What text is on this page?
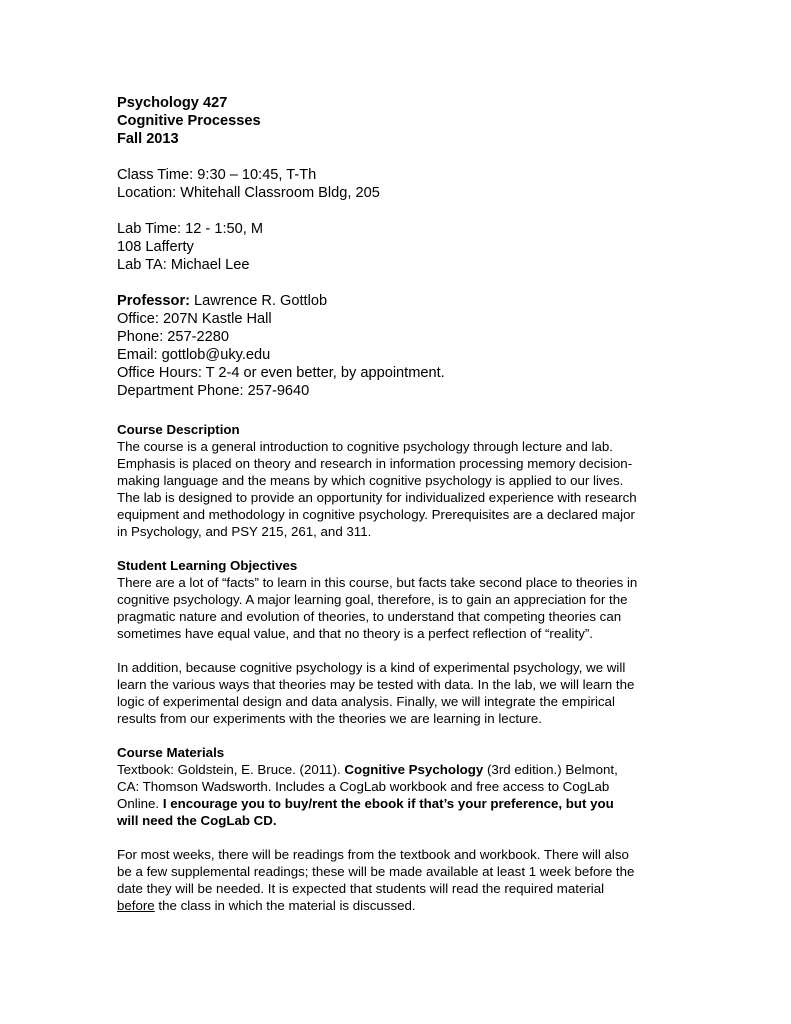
Psychology 427
Cognitive Processes
Fall 2013
Class Time: 9:30 – 10:45, T-Th
Location: Whitehall Classroom Bldg, 205
Lab Time: 12 - 1:50, M
108 Lafferty
Lab TA: Michael Lee
Professor: Lawrence R. Gottlob
Office: 207N Kastle Hall
Phone: 257-2280
Email: gottlob@uky.edu
Office Hours: T 2-4 or even better, by appointment.
Department Phone: 257-9640
Course Description
The course is a general introduction to cognitive psychology through lecture and lab.
Emphasis is placed on theory and research in information processing memory decision-
making language and the means by which cognitive psychology is applied to our lives.
The lab is designed to provide an opportunity for individualized experience with research
equipment and methodology in cognitive psychology. Prerequisites are a declared major
in Psychology, and PSY 215, 261, and 311.
Student Learning Objectives
There are a lot of “facts” to learn in this course, but facts take second place to theories in
cognitive psychology. A major learning goal, therefore, is to gain an appreciation for the
pragmatic nature and evolution of theories, to understand that competing theories can
sometimes have equal value, and that no theory is a perfect reflection of “reality”.
In addition, because cognitive psychology is a kind of experimental psychology, we will
learn the various ways that theories may be tested with data. In the lab, we will learn the
logic of experimental design and data analysis. Finally, we will integrate the empirical
results from our experiments with the theories we are learning in lecture.
Course Materials
Textbook: Goldstein, E. Bruce. (2011). Cognitive Psychology (3rd edition.) Belmont,
CA: Thomson Wadsworth. Includes a CogLab workbook and free access to CogLab
Online. I encourage you to buy/rent the ebook if that’s your preference, but you
will need the CogLab CD.
For most weeks, there will be readings from the textbook and workbook. There will also
be a few supplemental readings; these will be made available at least 1 week before the
date they will be needed. It is expected that students will read the required material
before the class in which the material is discussed.
